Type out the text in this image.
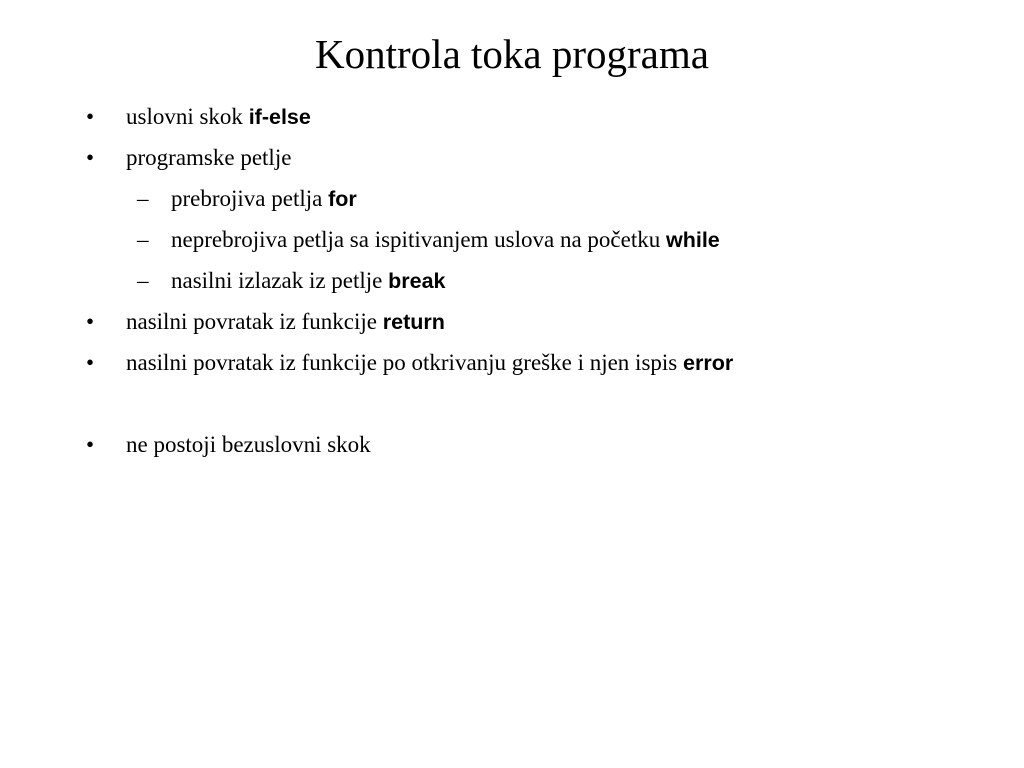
Kontrola toka programa
• uslovni skok if-else
• programske petlje
– prebrojiva petlja for
– neprebrojiva petlja sa ispitivanjem uslova na početku while
– nasilni izlazak iz petlje break
• nasilni povratak iz funkcije return
• nasilni povratak iz funkcije po otkrivanju greške i njen ispis error
• ne postoji bezuslovni skok
